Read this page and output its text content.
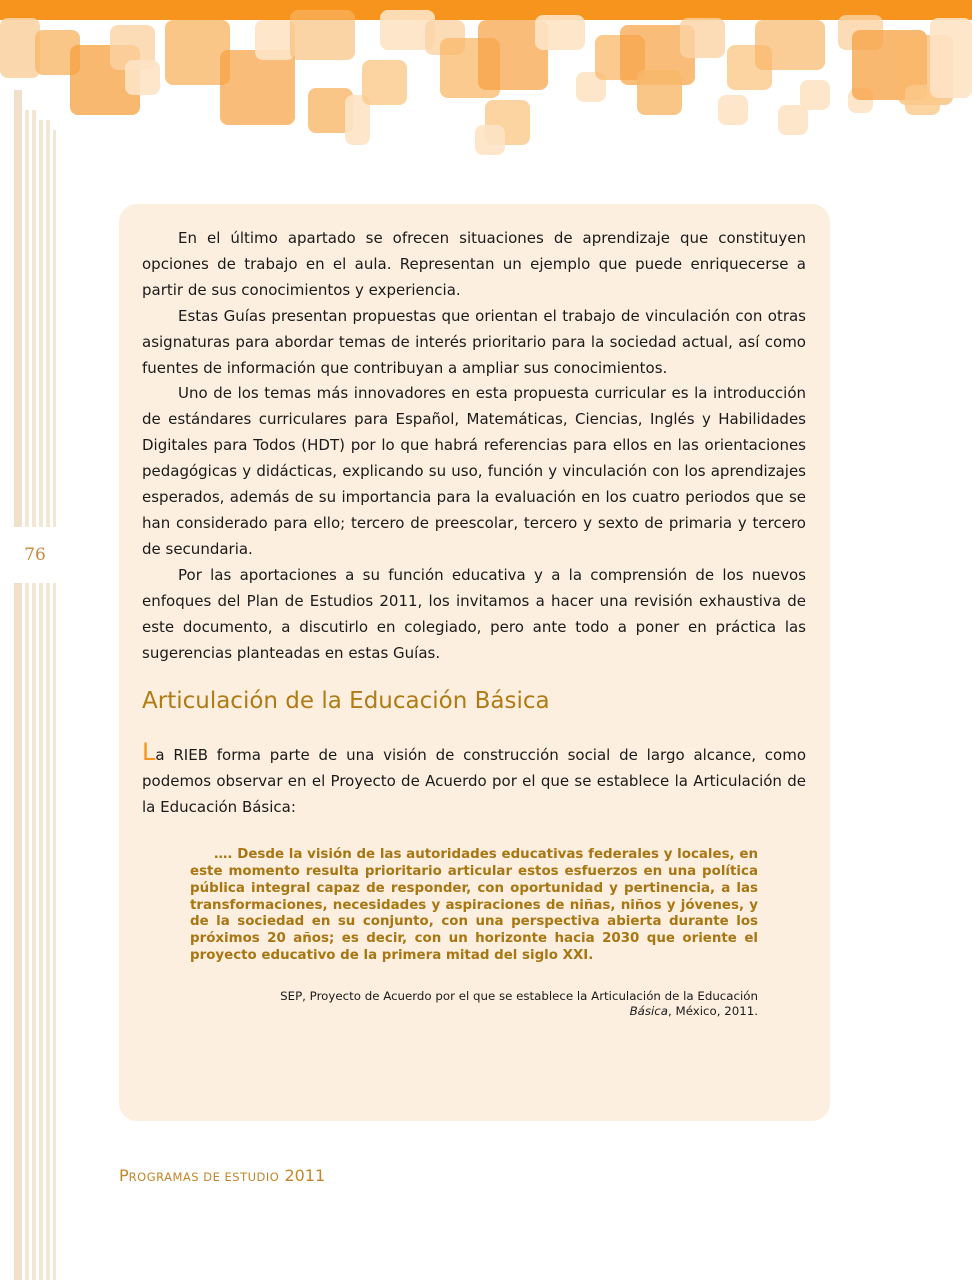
76

En el último apartado se ofrecen situaciones de aprendizaje que constituyen opciones de trabajo en el aula. Representan un ejemplo que puede enriquecerse a partir de sus conocimientos y experiencia.

Estas Guías presentan propuestas que orientan el trabajo de vinculación con otras asignaturas para abordar temas de interés prioritario para la sociedad actual, así como fuentes de información que contribuyan a ampliar sus conocimientos.

Uno de los temas más innovadores en esta propuesta curricular es la introducción de estándares curriculares para Español, Matemáticas, Ciencias, Inglés y Habilidades Digitales para Todos (HDT) por lo que habrá referencias para ellos en las orientaciones pedagógicas y didácticas, explicando su uso, función y vinculación con los aprendizajes esperados, además de su importancia para la evaluación en los cuatro periodos que se han considerado para ello; tercero de preescolar, tercero y sexto de primaria y tercero de secundaria.

Por las aportaciones a su función educativa y a la comprensión de los nuevos enfoques del Plan de Estudios 2011, los invitamos a hacer una revisión exhaustiva de este documento, a discutirlo en colegiado, pero ante todo a poner en práctica las sugerencias planteadas en estas Guías.

Articulación de la Educación Básica

La RIEB forma parte de una visión de construcción social de largo alcance, como podemos observar en el Proyecto de Acuerdo por el que se establece la Articulación de la Educación Básica:

…. Desde la visión de las autoridades educativas federales y locales, en este momento resulta prioritario articular estos esfuerzos en una política pública integral capaz de responder, con oportunidad y pertinencia, a las transformaciones, necesidades y aspiraciones de niñas, niños y jóvenes, y de la sociedad en su conjunto, con una perspectiva abierta durante los próximos 20 años; es decir, con un horizonte hacia 2030 que oriente el proyecto educativo de la primera mitad del siglo XXI.

SEP, Proyecto de Acuerdo por el que se establece la Articulación de la Educación
Básica, México, 2011.

PROGRAMAS DE ESTUDIO 2011
